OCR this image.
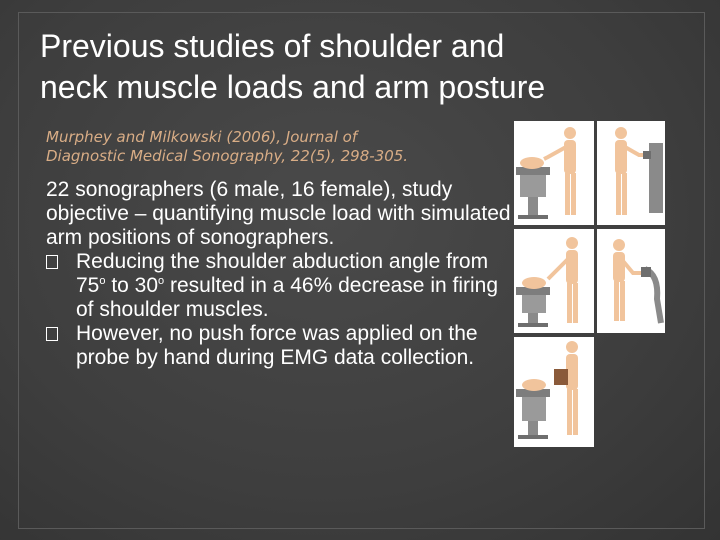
Previous studies of shoulder and
neck muscle loads and arm posture
Murphey and Milkowski (2006), Journal of
Diagnostic Medical Sonography, 22(5), 298-305.

22 sonographers (6 male, 16 female), study objective – quantifying muscle load with simulated arm positions of sonographers.

Reducing the shoulder abduction angle from 75$^o$ to 30$^o$ resulted in a 46% decrease in firing of shoulder muscles.

However, no push force was applied on the probe by hand during EMG data collection.
